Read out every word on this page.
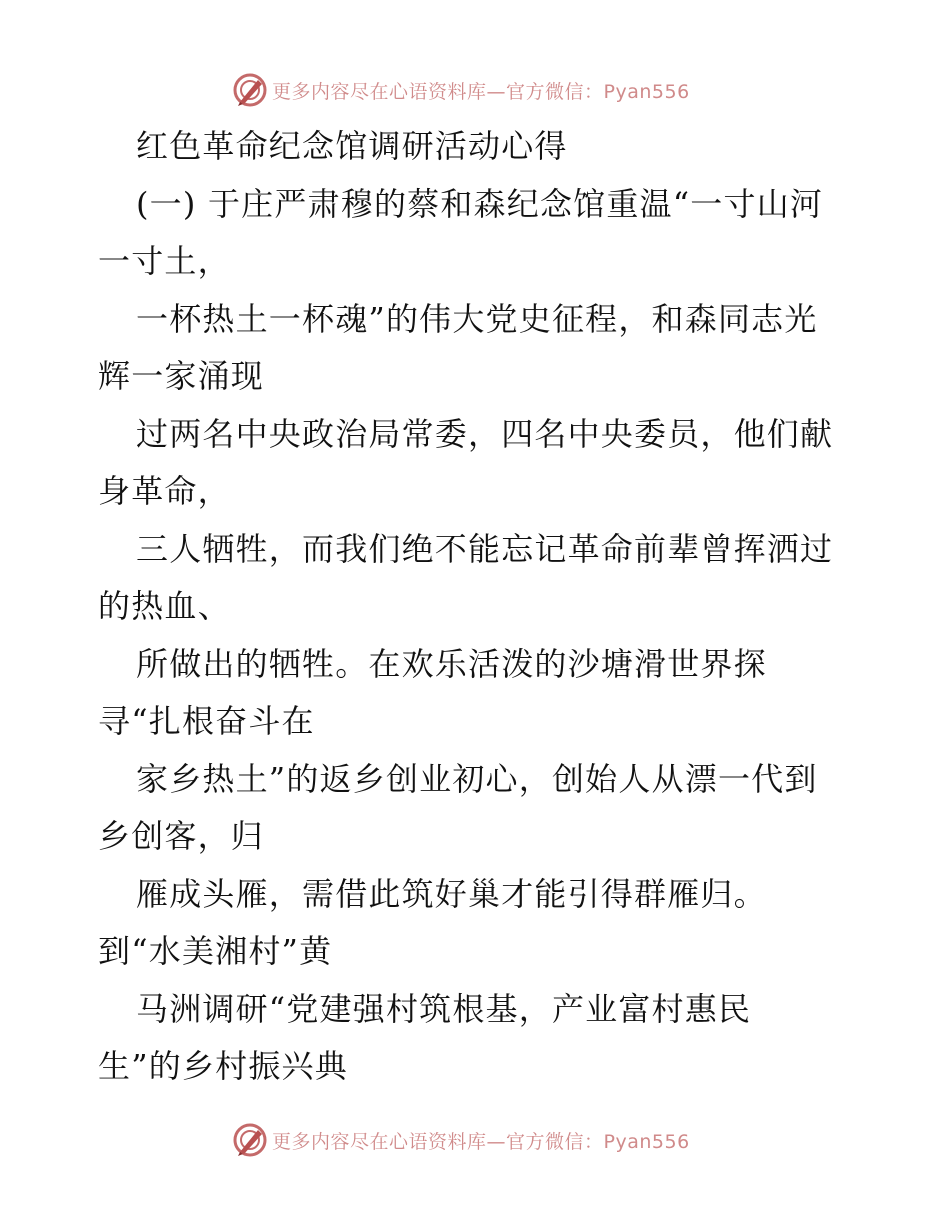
更多内容尽在心语资料库—官方微信：Pyan556
红色革命纪念馆调研活动心得
(一) 于庄严肃穆的蔡和森纪念馆重温“一寸山河
一寸土，
一杯热土一杯魂”的伟大党史征程，和森同志光
辉一家涌现
过两名中央政治局常委，四名中央委员，他们献
身革命，
三人牺牲，而我们绝不能忘记革命前辈曾挥洒过
的热血、
所做出的牺牲。在欢乐活泼的沙塘滑世界探
寻“扎根奋斗在
家乡热土”的返乡创业初心，创始人从漂一代到
乡创客，归
雁成头雁，需借此筑好巢才能引得群雁归。
到“水美湘村”黄
马洲调研“党建强村筑根基，产业富村惠民
生”的乡村振兴典
更多内容尽在心语资料库—官方微信：Pyan556
